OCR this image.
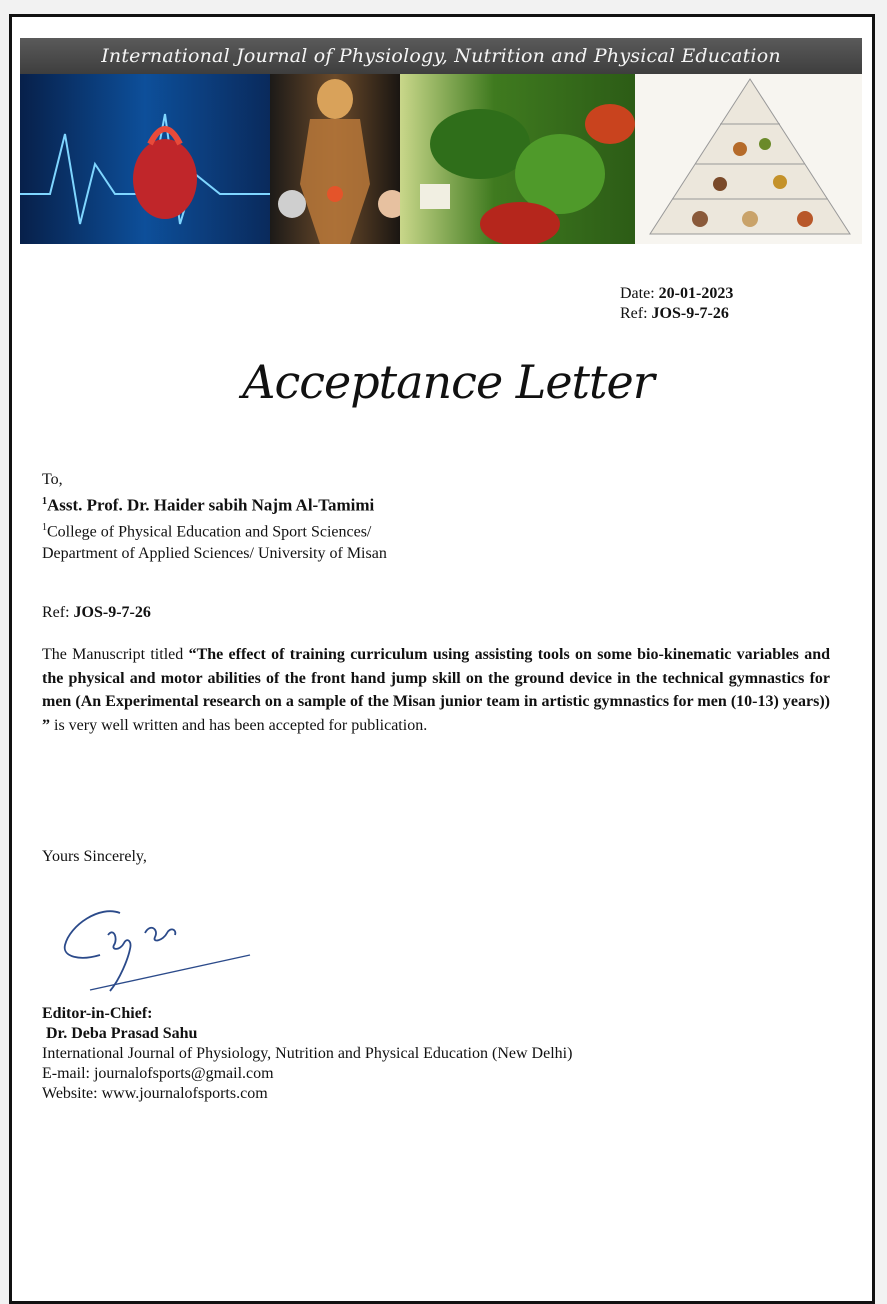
International Journal of Physiology, Nutrition and Physical Education
Date: 20-01-2023
Ref: JOS-9-7-26
Acceptance Letter
To,
$^1$Asst. Prof. Dr. Haider sabih Najm Al-Tamimi
$^1$College of Physical Education and Sport Sciences/
Department of Applied Sciences/ University of Misan
Ref: JOS-9-7-26
The Manuscript titled “The effect of training curriculum using assisting tools on some bio-kinematic variables and the physical and motor abilities of the front hand jump skill on the ground device in the technical gymnastics for men (An Experimental research on a sample of the Misan junior team in artistic gymnastics for men (10-13) years)) ” is very well written and has been accepted for publication.
Yours Sincerely,
Editor-in-Chief:
Dr. Deba Prasad Sahu
International Journal of Physiology, Nutrition and Physical Education (New Delhi)
E-mail: journalofsports@gmail.com
Website: www.journalofsports.com
